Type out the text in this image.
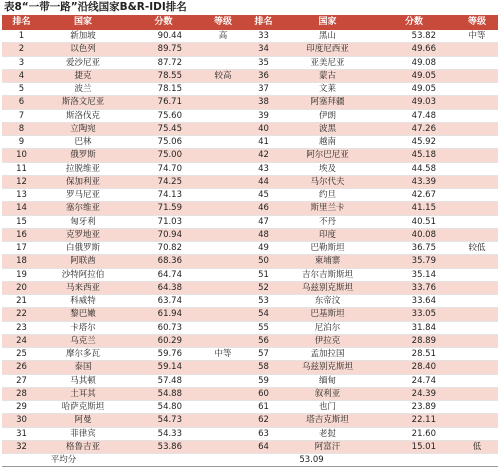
表8“一带一路”沿线国家B&R-IDI排名
排名	国家	分数	等级	排名	国家	分数	等级
1	新加坡	90.44	高	33	黑山	53.82	中等
2	以色列	89.75		34	印度尼西亚	49.66	
3	爱沙尼亚	87.72		35	亚美尼亚	49.08	
4	捷克	78.55	较高	36	蒙古	49.05	
5	波兰	78.15		37	文莱	49.05	
6	斯洛文尼亚	76.71		38	阿塞拜疆	49.03	
7	斯洛伐克	75.60		39	伊朗	47.48	
8	立陶宛	75.45		40	波黑	47.26	
9	巴林	75.06		41	越南	45.92	
10	俄罗斯	75.00		42	阿尔巴尼亚	45.18	
11	拉脱维亚	74.70		43	埃及	44.58	
12	保加利亚	74.25		44	马尔代夫	43.39	
13	罗马尼亚	74.13		45	约旦	42.67	
14	塞尔维亚	71.59		46	斯里兰卡	41.15	
15	匈牙利	71.03		47	不丹	40.51	
16	克罗地亚	70.94		48	印度	40.08	
17	白俄罗斯	70.82		49	巴勒斯坦	36.75	较低
18	阿联酋	68.36		50	柬埔寨	35.79	
19	沙特阿拉伯	64.74		51	吉尔吉斯斯坦	35.14	
20	马来西亚	64.38		52	乌兹别克斯坦	33.76	
21	科威特	63.74		53	东帝汶	33.64	
22	黎巴嫩	61.94		54	巴基斯坦	33.05	
23	卡塔尔	60.73		55	尼泊尔	31.84	
24	乌克兰	60.29		56	伊拉克	28.89	
25	摩尔多瓦	59.76	中等	57	孟加拉国	28.51	
26	泰国	59.14		58	乌兹别克斯坦	28.40	
27	马其顿	57.48		59	缅甸	24.74	
28	土耳其	54.88		60	叙利亚	24.39	
29	哈萨克斯坦	54.80		61	也门	23.89	
30	阿曼	54.73		62	塔吉克斯坦	22.11	
31	菲律宾	54.33		63	老挝	21.60	
32	格鲁吉亚	53.86		64	阿富汗	15.01	低
平均分		53.09					
